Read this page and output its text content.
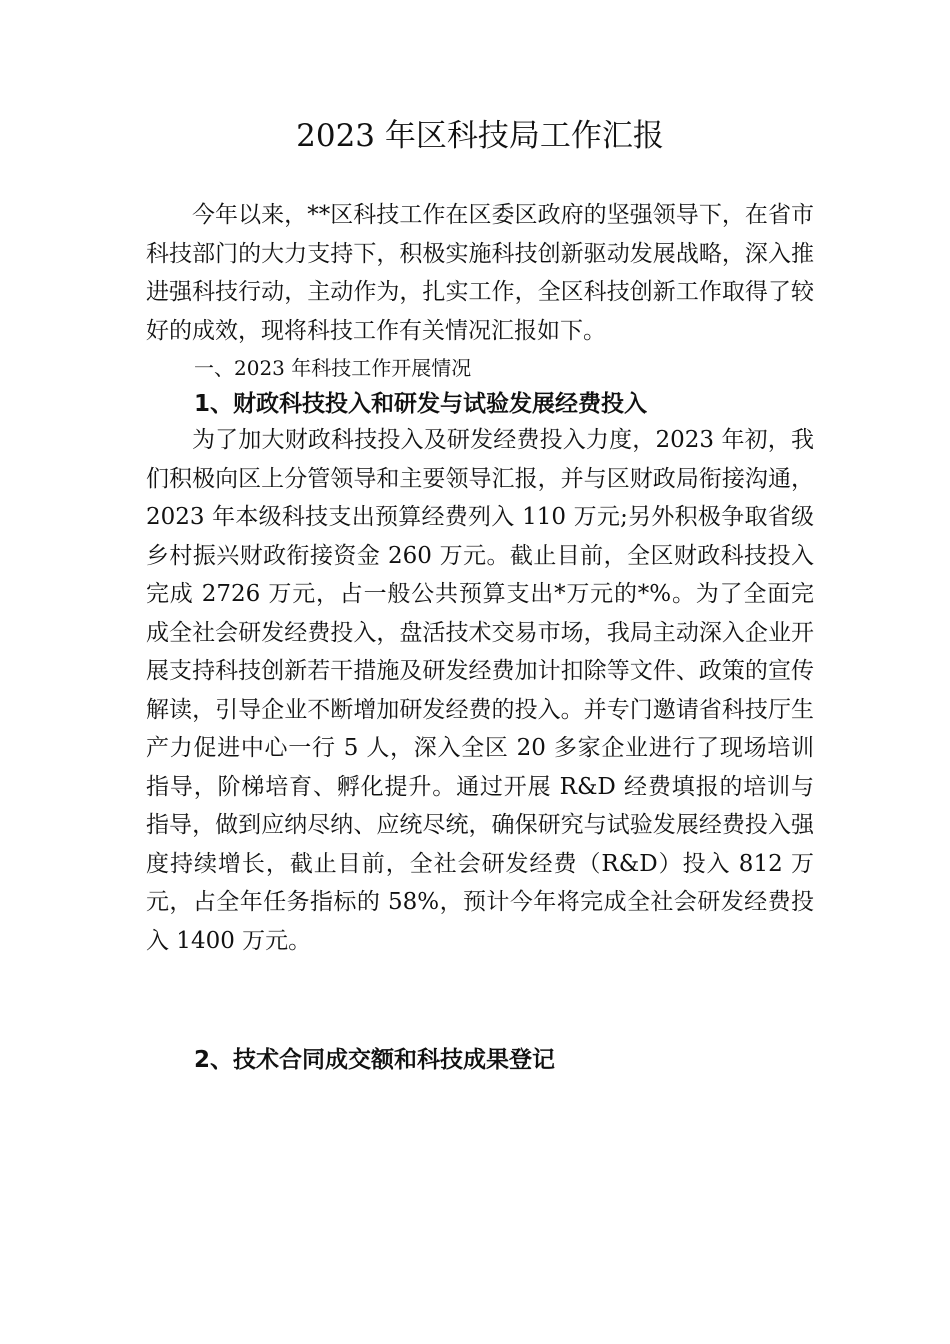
2023 年区科技局工作汇报

今年以来，**区科技工作在区委区政府的坚强领导下，在省市科技部门的大力支持下，积极实施科技创新驱动发展战略，深入推进强科技行动，主动作为，扎实工作，全区科技创新工作取得了较好的成效，现将科技工作有关情况汇报如下。

一、2023 年科技工作开展情况

1、财政科技投入和研发与试验发展经费投入

为了加大财政科技投入及研发经费投入力度，2023 年初，我们积极向区上分管领导和主要领导汇报，并与区财政局衔接沟通，2023 年本级科技支出预算经费列入 110 万元;另外积极争取省级乡村振兴财政衔接资金 260 万元。截止目前，全区财政科技投入完成 2726 万元，占一般公共预算支出*万元的*%。为了全面完成全社会研发经费投入，盘活技术交易市场，我局主动深入企业开展支持科技创新若干措施及研发经费加计扣除等文件、政策的宣传解读，引导企业不断增加研发经费的投入。并专门邀请省科技厅生产力促进中心一行 5 人，深入全区 20 多家企业进行了现场培训指导，阶梯培育、孵化提升。通过开展 R&D 经费填报的培训与指导，做到应纳尽纳、应统尽统，确保研究与试验发展经费投入强度持续增长，截止目前，全社会研发经费（R&D）投入 812 万元，占全年任务指标的 58%，预计今年将完成全社会研发经费投入 1400 万元。

2、技术合同成交额和科技成果登记
